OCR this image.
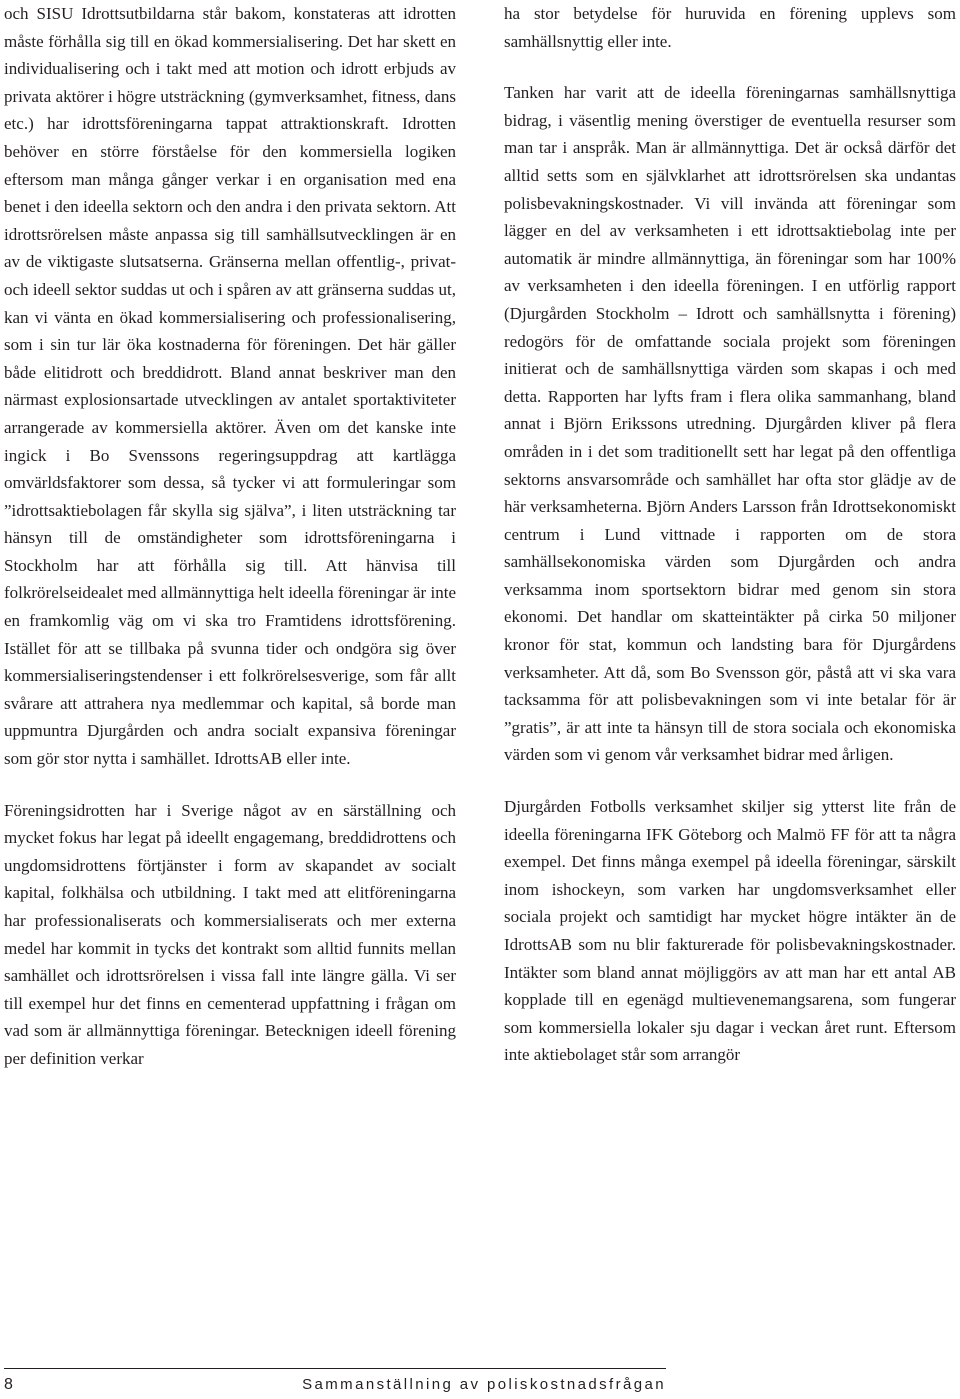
och SISU Idrottsutbildarna står bakom, konstateras att idrotten måste förhålla sig till en ökad kommersialisering. Det har skett en individualisering och i takt med att motion och idrott erbjuds av privata aktörer i högre utsträckning (gymverksamhet, fitness, dans etc.) har idrottsföreningarna tappat attraktionskraft. Idrotten behöver en större förståelse för den kommersiella logiken eftersom man många gånger verkar i en organisation med ena benet i den ideella sektorn och den andra i den privata sektorn. Att idrottsrörelsen måste anpassa sig till samhällsutvecklingen är en av de viktigaste slutsatserna. Gränserna mellan offentlig-, privat- och ideell sektor suddas ut och i spåren av att gränserna suddas ut, kan vi vänta en ökad kommersialisering och professionalisering, som i sin tur lär öka kostnaderna för föreningen. Det här gäller både elitidrott och breddidrott. Bland annat beskriver man den närmast explosionsartade utvecklingen av antalet sportaktiviteter arrangerade av kommersiella aktörer. Även om det kanske inte ingick i Bo Svenssons regeringsuppdrag att kartlägga omvärldsfaktorer som dessa, så tycker vi att formuleringar som ”idrottsaktiebolagen får skylla sig själva”, i liten utsträckning tar hänsyn till de omständigheter som idrottsföreningarna i Stockholm har att förhålla sig till. Att hänvisa till folkrörelseidealet med allmännyttiga helt ideella föreningar är inte en framkomlig väg om vi ska tro Framtidens idrottsförening. Istället för att se tillbaka på svunna tider och ondgöra sig över kommersialiseringstendenser i ett folkrörelsesverige, som får allt svårare att attrahera nya medlemmar och kapital, så borde man uppmuntra Djurgården och andra socialt expansiva föreningar som gör stor nytta i samhället. IdrottsAB eller inte.

Föreningsidrotten har i Sverige något av en särställning och mycket fokus har legat på ideellt engagemang, breddidrottens och ungdomsidrottens förtjänster i form av skapandet av socialt kapital, folkhälsa och utbildning. I takt med att elitföreningarna har professionaliserats och kommersialiserats och mer externa medel har kommit in tycks det kontrakt som alltid funnits mellan samhället och idrottsrörelsen i vissa fall inte längre gälla. Vi ser till exempel hur det finns en cementerad uppfattning i frågan om vad som är allmännyttiga föreningar. Betecknigen ideell förening per definition verkar

ha stor betydelse för huruvida en förening upplevs som samhällsnyttig eller inte.

Tanken har varit att de ideella föreningarnas samhällsnyttiga bidrag, i väsentlig mening överstiger de eventuella resurser som man tar i anspråk. Man är allmännyttiga. Det är också därför det alltid setts som en självklarhet att idrottsrörelsen ska undantas polisbevakningskostnader. Vi vill invända att föreningar som lägger en del av verksamheten i ett idrottsaktiebolag inte per automatik är mindre allmännyttiga, än föreningar som har 100% av verksamheten i den ideella föreningen. I en utförlig rapport (Djurgården Stockholm – Idrott och samhällsnytta i förening) redogörs för de omfattande sociala projekt som föreningen initierat och de samhällsnyttiga värden som skapas i och med detta. Rapporten har lyfts fram i flera olika sammanhang, bland annat i Björn Erikssons utredning. Djurgården kliver på flera områden in i det som traditionellt sett har legat på den offentliga sektorns ansvarsområde och samhället har ofta stor glädje av de här verksamheterna. Björn Anders Larsson från Idrottsekonomiskt centrum i Lund vittnade i rapporten om de stora samhällsekonomiska värden som Djurgården och andra verksamma inom sportsektorn bidrar med genom sin stora ekonomi. Det handlar om skatteintäkter på cirka 50 miljoner kronor för stat, kommun och landsting bara för Djurgårdens verksamheter. Att då, som Bo Svensson gör, påstå att vi ska vara tacksamma för att polisbevakningen som vi inte betalar för är ”gratis”, är att inte ta hänsyn till de stora sociala och ekonomiska värden som vi genom vår verksamhet bidrar med årligen.

Djurgården Fotbolls verksamhet skiljer sig ytterst lite från de ideella föreningarna IFK Göteborg och Malmö FF för att ta några exempel. Det finns många exempel på ideella föreningar, särskilt inom ishockeyn, som varken har ungdomsverksamhet eller sociala projekt och samtidigt har mycket högre intäkter än de IdrottsAB som nu blir fakturerade för polisbevakningskostnader. Intäkter som bland annat möjliggörs av att man har ett antal AB kopplade till en egenägd multievenemangsarena, som fungerar som kommersiella lokaler sju dagar i veckan året runt. Eftersom inte aktiebolaget står som arrangör

8	Sammanställning av poliskostnadsfrågan
